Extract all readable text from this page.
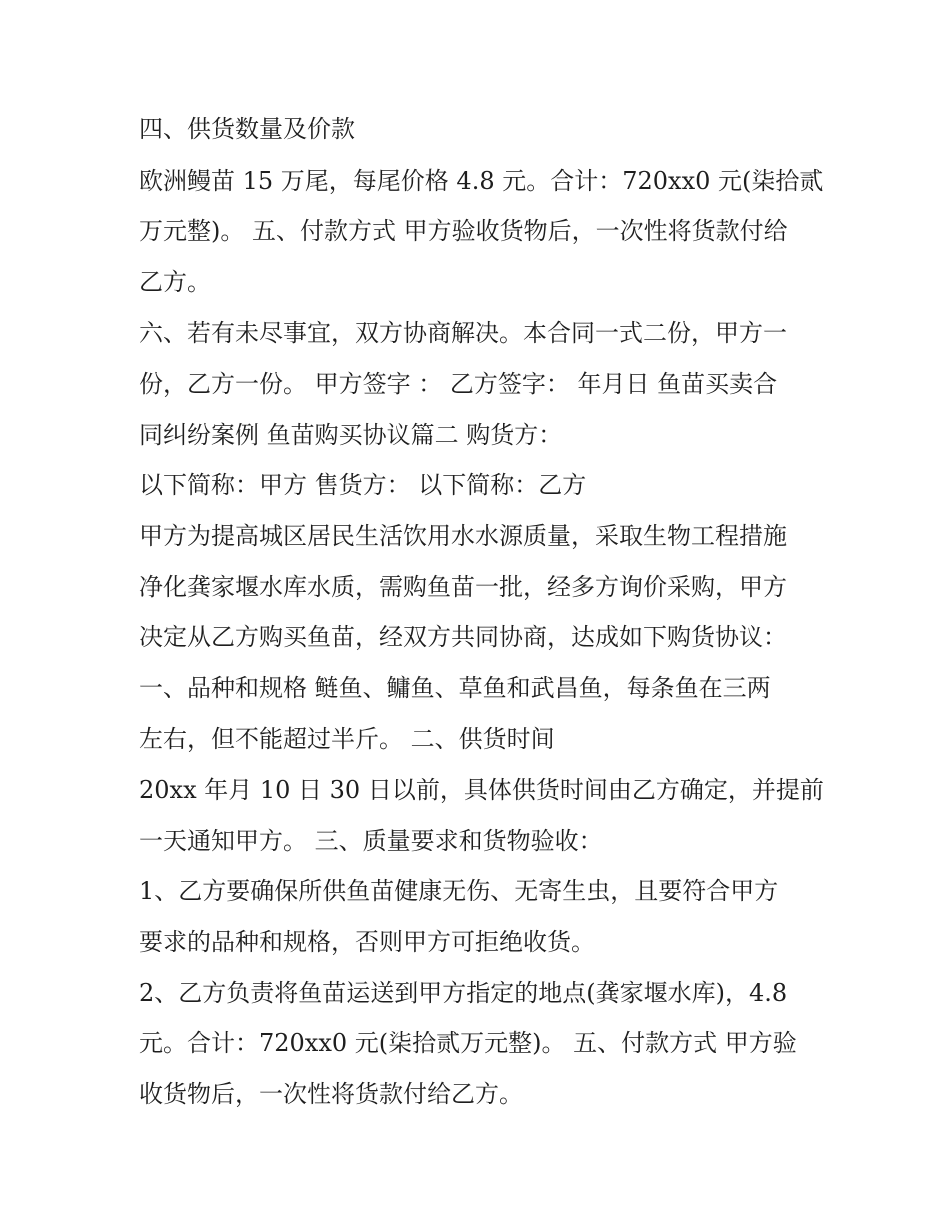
四、供货数量及价款
欧洲鳗苗 15 万尾，每尾价格 4.8 元。合计：720xx0 元(柒拾贰
万元整)。 五、付款方式 甲方验收货物后，一次性将货款付给
乙方。
六、若有未尽事宜，双方协商解决。本合同一式二份，甲方一
份，乙方一份。 甲方签字 ： 乙方签字： 年月日 鱼苗买卖合
同纠纷案例 鱼苗购买协议篇二 购货方：
以下简称：甲方 售货方： 以下简称：乙方
甲方为提高城区居民生活饮用水水源质量，采取生物工程措施
净化龚家堰水库水质，需购鱼苗一批，经多方询价采购，甲方
决定从乙方购买鱼苗，经双方共同协商，达成如下购货协议：
一、品种和规格 鲢鱼、鳙鱼、草鱼和武昌鱼，每条鱼在三两
左右，但不能超过半斤。 二、供货时间
20xx 年月 10 日 30 日以前，具体供货时间由乙方确定，并提前
一天通知甲方。 三、质量要求和货物验收：
1、乙方要确保所供鱼苗健康无伤、无寄生虫，且要符合甲方
要求的品种和规格，否则甲方可拒绝收货。
2、乙方负责将鱼苗运送到甲方指定的地点(龚家堰水库)，4.8
元。合计：720xx0 元(柒拾贰万元整)。 五、付款方式 甲方验
收货物后，一次性将货款付给乙方。
